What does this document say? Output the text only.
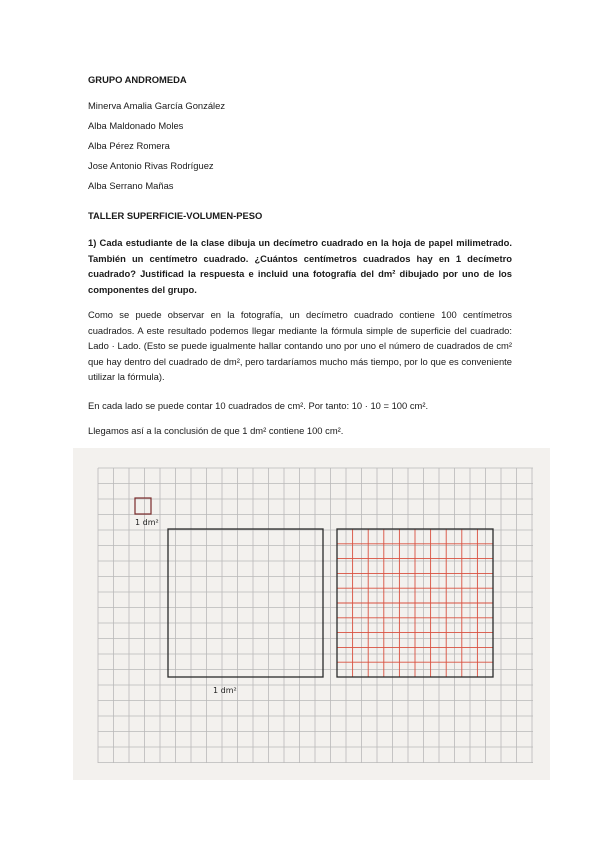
GRUPO ANDROMEDA
Minerva Amalia García González
Alba Maldonado Moles
Alba Pérez Romera
Jose Antonio Rivas Rodríguez
Alba Serrano Mañas
TALLER SUPERFICIE-VOLUMEN-PESO
1) Cada estudiante de la clase dibuja un decímetro cuadrado en la hoja de papel milimetrado. También un centímetro cuadrado. ¿Cuántos centímetros cuadrados hay en 1 decímetro cuadrado? Justificad la respuesta e incluid una fotografía del dm² dibujado por uno de los componentes del grupo.
Como se puede observar en la fotografía, un decímetro cuadrado contiene 100 centímetros cuadrados. A este resultado podemos llegar mediante la fórmula simple de superficie del cuadrado: Lado · Lado. (Esto se puede igualmente hallar contando uno por uno el número de cuadrados de cm² que hay dentro del cuadrado de dm², pero tardaríamos mucho más tiempo, por lo que es conveniente utilizar la fórmula).
En cada lado se puede contar 10 cuadrados de cm². Por tanto: 10 · 10 = 100 cm².
Llegamos así a la conclusión de que 1 dm² contiene 100 cm².
1 dm²
1 dm²
